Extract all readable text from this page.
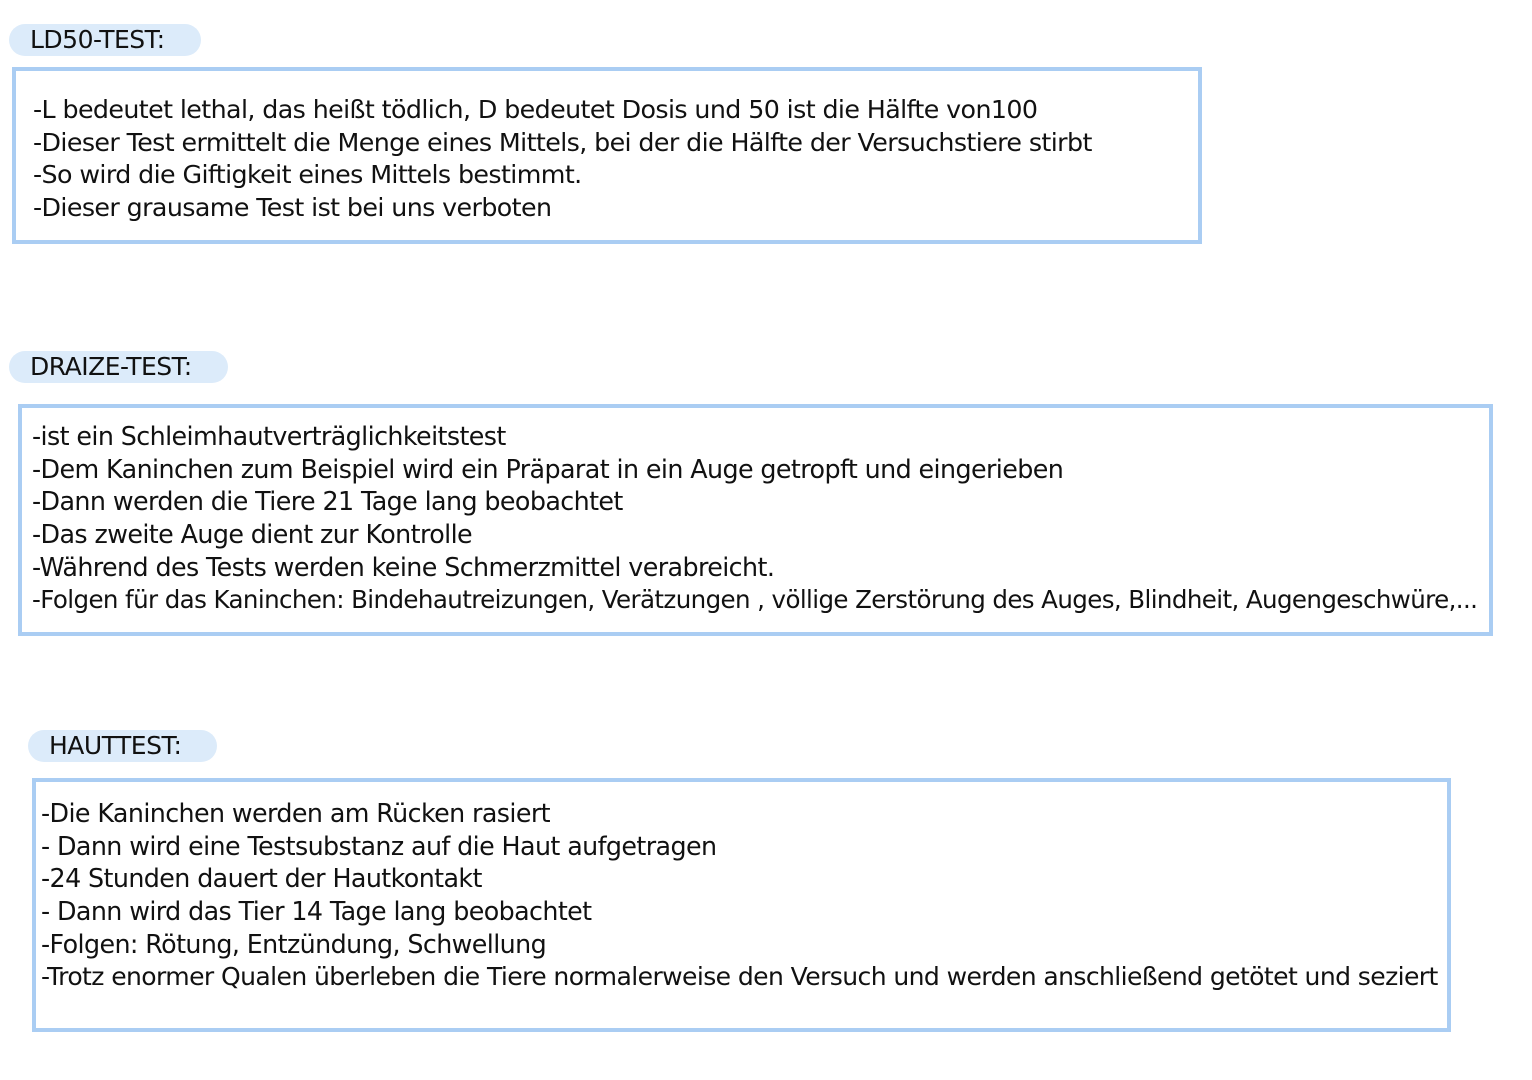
LD50-TEST:
-L bedeutet lethal, das heißt tödlich, D bedeutet Dosis und 50 ist die Hälfte von100
-Dieser Test ermittelt die Menge eines Mittels, bei der die Hälfte der Versuchstiere stirbt
-So wird die Giftigkeit eines Mittels bestimmt.
-Dieser grausame Test ist bei uns verboten
DRAIZE-TEST:
-ist ein Schleimhautverträglichkeitstest
-Dem Kaninchen zum Beispiel wird ein Präparat in ein Auge getropft und eingerieben
-Dann werden die Tiere 21 Tage lang beobachtet
-Das zweite Auge dient zur Kontrolle
-Während des Tests werden keine Schmerzmittel verabreicht.
-Folgen für das Kaninchen: Bindehautreizungen, Verätzungen , völlige Zerstörung des Auges, Blindheit, Augengeschwüre,...
HAUTTEST:
-Die Kaninchen werden am Rücken rasiert
- Dann wird eine Testsubstanz auf die Haut aufgetragen
-24 Stunden dauert der Hautkontakt
- Dann wird das Tier 14 Tage lang beobachtet
-Folgen: Rötung, Entzündung, Schwellung
-Trotz enormer Qualen überleben die Tiere normalerweise den Versuch und werden anschließend getötet und seziert
